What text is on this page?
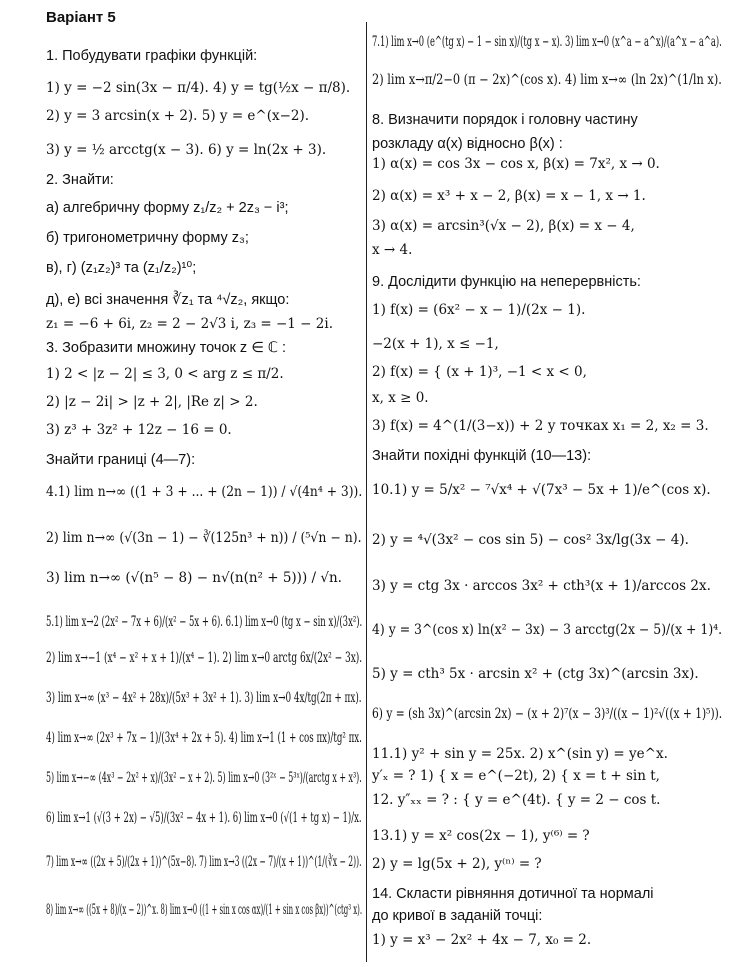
Варіант 5
1. Побудувати графіки функцій:
1) y = −2 sin(3x − π/4). 4) y = tg(½x − π/8).
2) y = 3 arcsin(x + 2). 5) y = e^(x−2).
3) y = ½ arcctg(x − 3). 6) y = ln(2x + 3).
2. Знайти:
а) алгебричну форму z₁/z₂ + 2z₃ − i³;
б) тригонометричну форму z₃;
в), г) (z₁z₂)³ та (z₁/z₂)¹⁰;
д), е) всі значення ∛z₁ та ⁴√z₂, якщо:
z₁ = −6 + 6i, z₂ = 2 − 2√3 i, z₃ = −1 − 2i.
3. Зобразити множину точок z ∈ ℂ :
1) 2 < |z − 2| ≤ 3, 0 < arg z ≤ π/2.
2) |z − 2i| > |z + 2|, |Re z| > 2.
3) z³ + 3z² + 12z − 16 = 0.
Знайти границі (4—7):
4.1) lim n→∞ ((1 + 3 + ... + (2n − 1)) / √(4n⁴ + 3)).
2) lim n→∞ (√(3n − 1) − ∛(125n³ + n)) / (⁵√n − n).
3) lim n→∞ (√(n⁵ − 8) − n√(n(n² + 5))) / √n.
5.1) lim x→2 (2x² − 7x + 6)/(x² − 5x + 6). 6.1) lim x→0 (tg x − sin x)/(3x²).
2) lim x→−1 (x⁴ − x² + x + 1)/(x⁴ − 1). 2) lim x→0 arctg 6x/(2x² − 3x).
3) lim x→∞ (x³ − 4x² + 28x)/(5x³ + 3x² + 1). 3) lim x→0 4x/tg(2π + πx).
4) lim x→∞ (2x³ + 7x − 1)/(3x⁴ + 2x + 5). 4) lim x→1 (1 + cos πx)/tg² πx.
5) lim x→−∞ (4x³ − 2x² + x)/(3x² − x + 2). 5) lim x→0 (3²ˣ − 5³ˣ)/(arctg x + x³).
6) lim x→1 (√(3 + 2x) − √5)/(3x² − 4x + 1). 6) lim x→0 (√(1 + tg x) − 1)/x.
7) lim x→∞ ((2x + 5)/(2x + 1))^(5x−8). 7) lim x→3 ((2x − 7)/(x + 1))^(1/(∛x − 2)).
8) lim x→∞ ((5x + 8)/(x − 2))^x. 8) lim x→0 ((1 + sin x cos αx)/(1 + sin x cos βx))^(ctg³ x).
7.1) lim x→0 (e^(tg x) − 1 − sin x)/(tg x − x). 3) lim x→0 (x^a − a^x)/(a^x − a^a).
2) lim x→π/2−0 (π − 2x)^(cos x). 4) lim x→∞ (ln 2x)^(1/ln x).
8. Визначити порядок і головну частину
розкладу α(x) відносно β(x) :
1) α(x) = cos 3x − cos x, β(x) = 7x², x → 0.
2) α(x) = x³ + x − 2, β(x) = x − 1, x → 1.
3) α(x) = arcsin³(√x − 2), β(x) = x − 4,
x → 4.
9. Дослідити функцію на неперервність:
1) f(x) = (6x² − x − 1)/(2x − 1).
−2(x + 1), x ≤ −1,
2) f(x) = { (x + 1)³, −1 < x < 0,
x, x ≥ 0.
3) f(x) = 4^(1/(3−x)) + 2 у точках x₁ = 2, x₂ = 3.
Знайти похідні функцій (10—13):
10.1) y = 5/x² − ⁷√x⁴ + √(7x³ − 5x + 1)/e^(cos x).
2) y = ⁴√(3x² − cos sin 5) − cos² 3x/lg(3x − 4).
3) y = ctg 3x · arccos 3x² + cth³(x + 1)/arccos 2x.
4) y = 3^(cos x) ln(x² − 3x) − 3 arcctg(2x − 5)/(x + 1)⁴.
5) y = cth³ 5x · arcsin x² + (ctg 3x)^(arcsin 3x).
6) y = (sh 3x)^(arcsin 2x) − (x + 2)⁷(x − 3)³/((x − 1)²√((x + 1)⁵)).
11.1) y² + sin y = 25x. 2) x^(sin y) = ye^x.
y′ₓ = ? 1) { x = e^(−2t), 2) { x = t + sin t,
12. y″ₓₓ = ? : { y = e^(4t). { y = 2 − cos t.
13.1) y = x² cos(2x − 1), y⁽⁶⁾ = ?
2) y = lg(5x + 2), y⁽ⁿ⁾ = ?
14. Скласти рівняння дотичної та нормалі
до кривої в заданій точці:
1) y = x³ − 2x² + 4x − 7, x₀ = 2.
